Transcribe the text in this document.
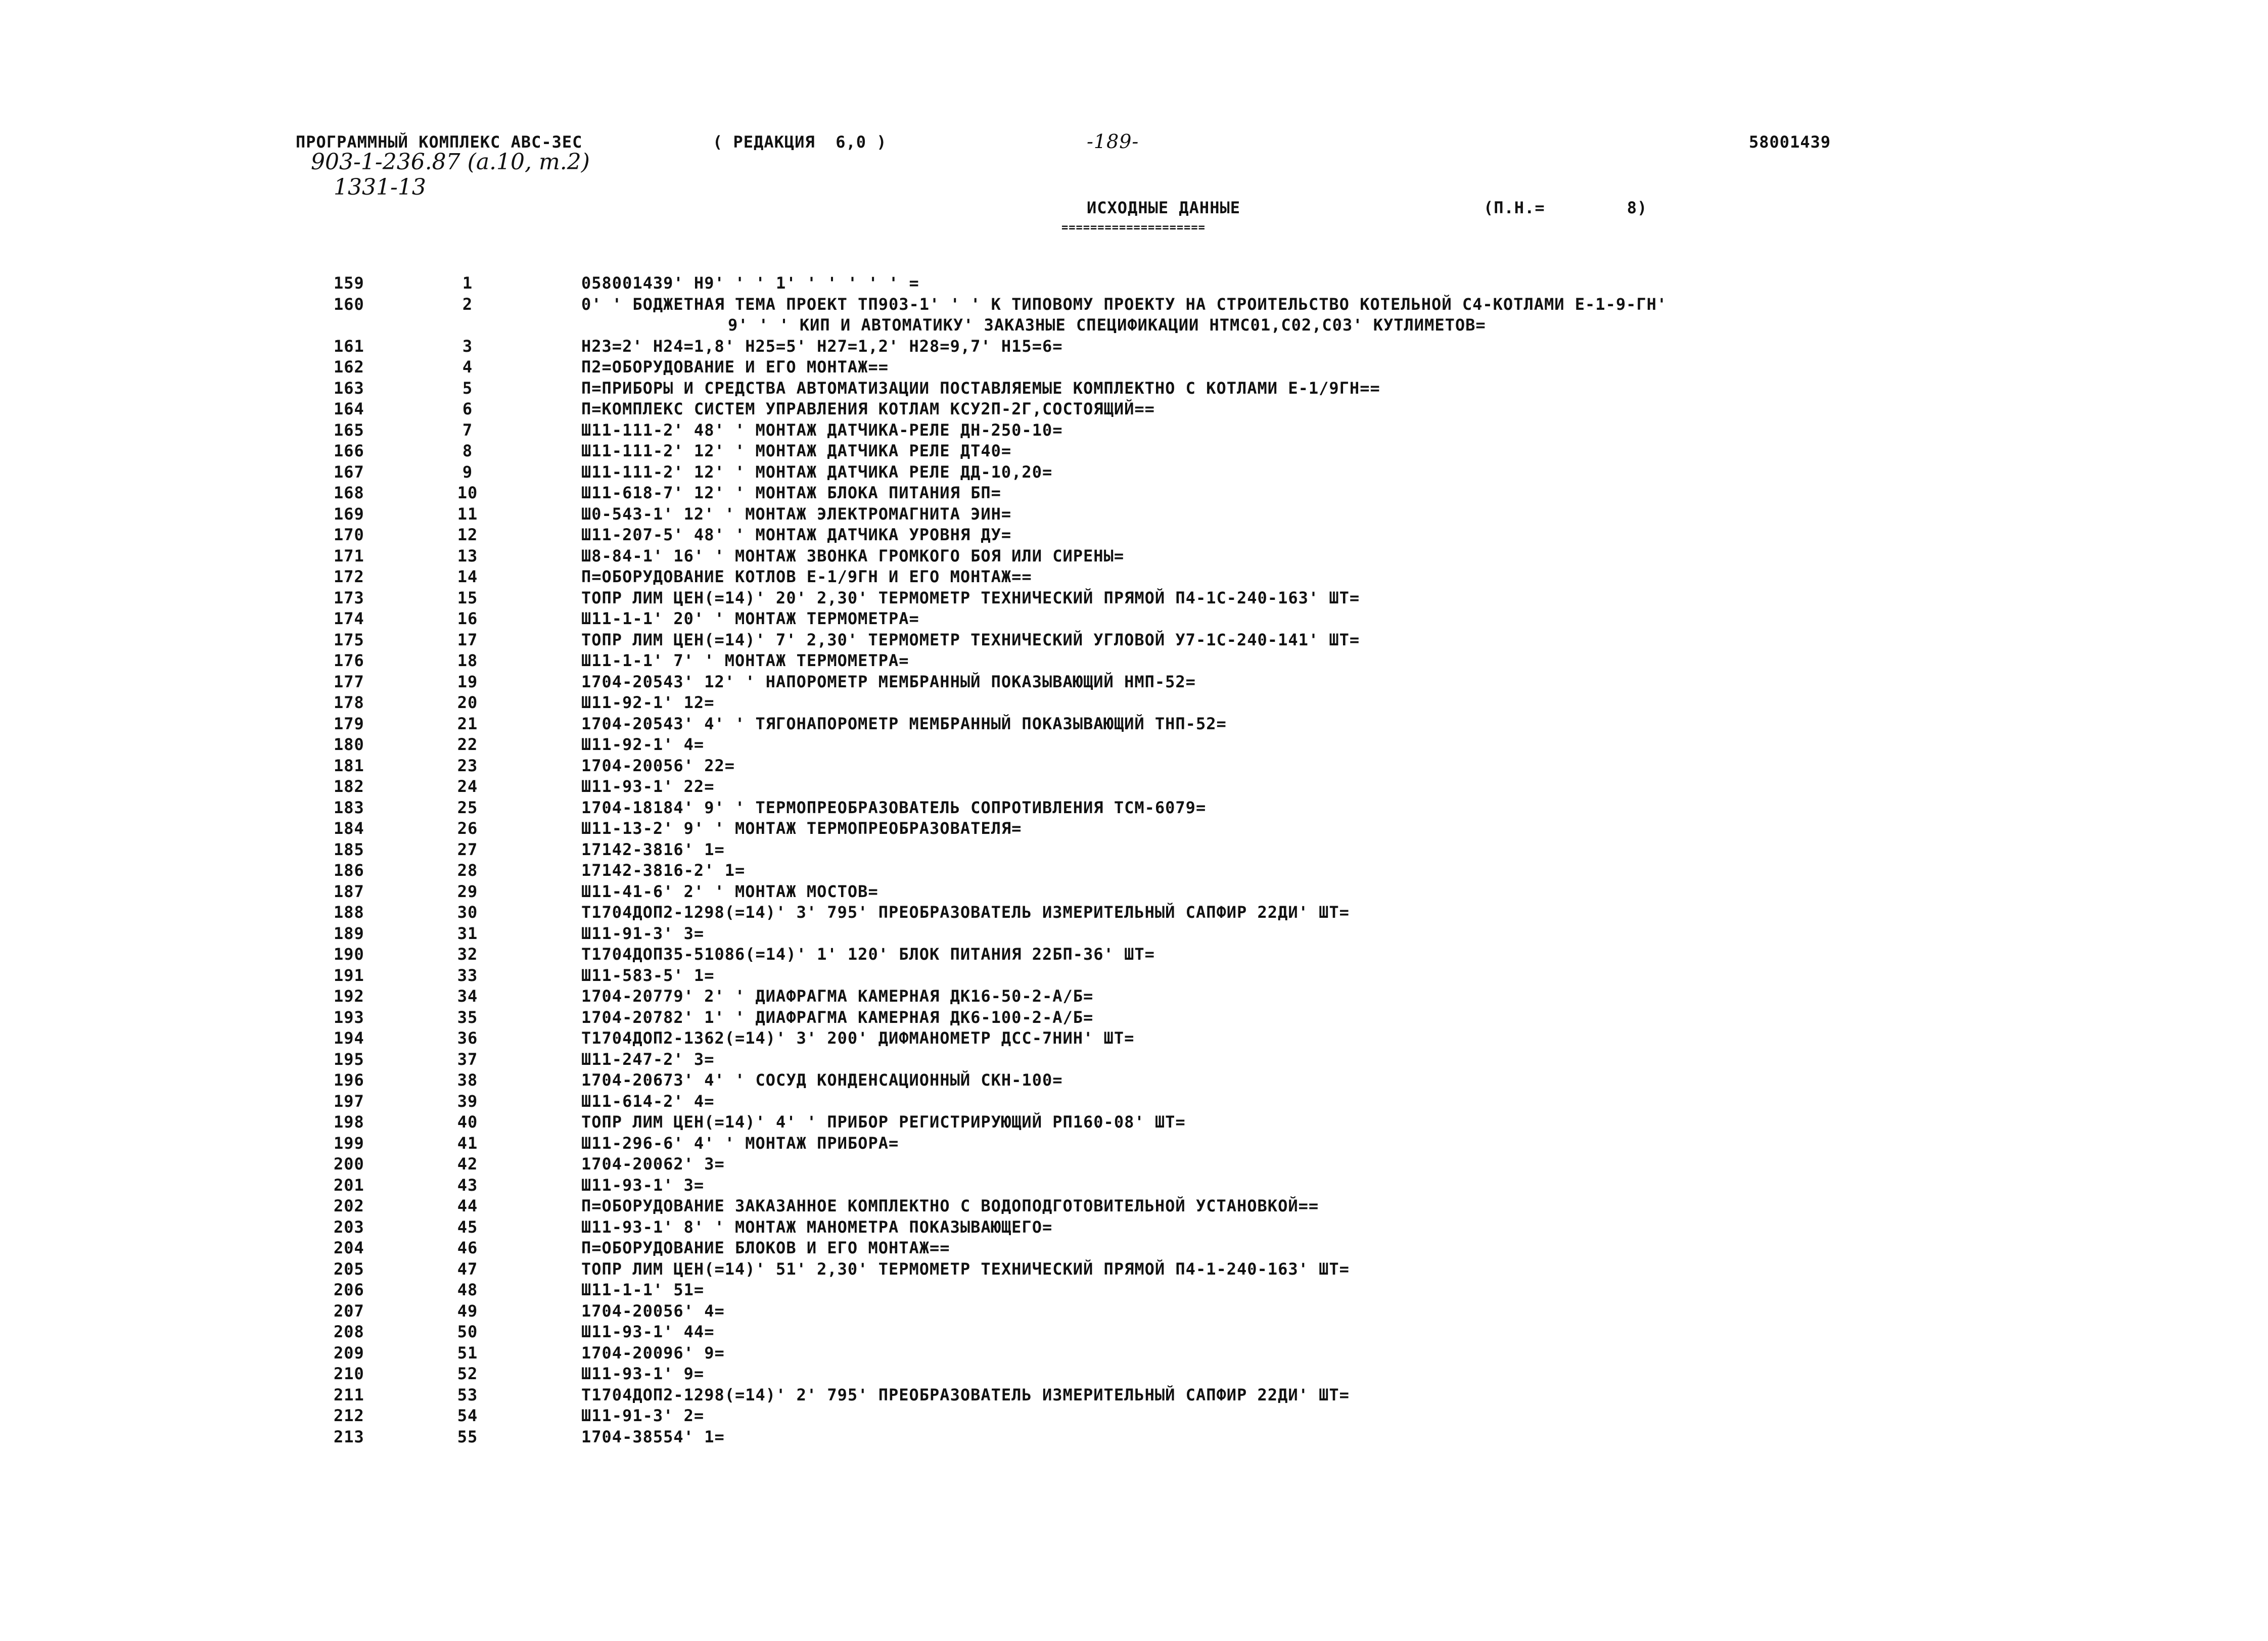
ПРОГРАММНЫЙ КОМПЛЕКС АВС-3ЕС	( РЕДАКЦИЯ  6,0 )	-189-	58001439
903-1-236.87 (а.10, т.2)
1331-13
ИСХОДНЫЕ ДАННЫЕ
====================
(П.Н.=        8)
159	1	058001439' Н9' ' ' 1' ' ' ' ' ' =
160	2	0' ' БОДЖЕТНАЯ ТЕМА ПРОЕКТ ТП903-1' ' ' К ТИПОВОМУ ПРОЕКТУ НА СТРОИТЕЛЬСТВО КОТЕЛЬНОЙ С4-КОТЛАМИ Е-1-9-ГН'
9' ' ' КИП И АВТОМАТИКУ' ЗАКАЗНЫЕ СПЕЦИФИКАЦИИ НТМС01,С02,С03' КУТЛИМЕТОВ=
161	3	Н23=2' Н24=1,8' Н25=5' Н27=1,2' Н28=9,7' Н15=6=
162	4	П2=ОБОРУДОВАНИЕ И ЕГО МОНТАЖ==
163	5	П=ПРИБОРЫ И СРЕДСТВА АВТОМАТИЗАЦИИ ПОСТАВЛЯЕМЫЕ КОМПЛЕКТНО С КОТЛАМИ Е-1/9ГН==
164	6	П=КОМПЛЕКС СИСТЕМ УПРАВЛЕНИЯ КОТЛАМ КСУ2П-2Г,СОСТОЯЩИЙ==
165	7	Ш11-111-2' 48' ' МОНТАЖ ДАТЧИКА-РЕЛЕ ДН-250-10=
166	8	Ш11-111-2' 12' ' МОНТАЖ ДАТЧИКА РЕЛЕ ДТ40=
167	9	Ш11-111-2' 12' ' МОНТАЖ ДАТЧИКА РЕЛЕ ДД-10,20=
168	10	Ш11-618-7' 12' ' МОНТАЖ БЛОКА ПИТАНИЯ БП=
169	11	Ш0-543-1' 12' ' МОНТАЖ ЭЛЕКТРОМАГНИТА ЭИН=
170	12	Ш11-207-5' 48' ' МОНТАЖ ДАТЧИКА УРОВНЯ ДУ=
171	13	Ш8-84-1' 16' ' МОНТАЖ ЗВОНКА ГРОМКОГО БОЯ ИЛИ СИРЕНЫ=
172	14	П=ОБОРУДОВАНИЕ КОТЛОВ Е-1/9ГН И ЕГО МОНТАЖ==
173	15	ТОПР ЛИМ ЦЕН(=14)' 20' 2,30' ТЕРМОМЕТР ТЕХНИЧЕСКИЙ ПРЯМОЙ П4-1С-240-163' ШТ=
174	16	Ш11-1-1' 20' ' МОНТАЖ ТЕРМОМЕТРА=
175	17	ТОПР ЛИМ ЦЕН(=14)' 7' 2,30' ТЕРМОМЕТР ТЕХНИЧЕСКИЙ УГЛОВОЙ У7-1С-240-141' ШТ=
176	18	Ш11-1-1' 7' ' МОНТАЖ ТЕРМОМЕТРА=
177	19	1704-20543' 12' ' НАПОРОМЕТР МЕМБРАННЫЙ ПОКАЗЫВАЮЩИЙ НМП-52=
178	20	Ш11-92-1' 12=
179	21	1704-20543' 4' ' ТЯГОНАПОРОМЕТР МЕМБРАННЫЙ ПОКАЗЫВАЮЩИЙ ТНП-52=
180	22	Ш11-92-1' 4=
181	23	1704-20056' 22=
182	24	Ш11-93-1' 22=
183	25	1704-18184' 9' ' ТЕРМОПРЕОБРАЗОВАТЕЛЬ СОПРОТИВЛЕНИЯ ТСМ-6079=
184	26	Ш11-13-2' 9' ' МОНТАЖ ТЕРМОПРЕОБРАЗОВАТЕЛЯ=
185	27	17142-3816' 1=
186	28	17142-3816-2' 1=
187	29	Ш11-41-6' 2' ' МОНТАЖ МОСТОВ=
188	30	Т1704ДОП2-1298(=14)' 3' 795' ПРЕОБРАЗОВАТЕЛЬ ИЗМЕРИТЕЛЬНЫЙ САПФИР 22ДИ' ШТ=
189	31	Ш11-91-3' 3=
190	32	Т1704ДОП35-51086(=14)' 1' 120' БЛОК ПИТАНИЯ 22БП-36' ШТ=
191	33	Ш11-583-5' 1=
192	34	1704-20779' 2' ' ДИАФРАГМА КАМЕРНАЯ ДК16-50-2-А/Б=
193	35	1704-20782' 1' ' ДИАФРАГМА КАМЕРНАЯ ДК6-100-2-А/Б=
194	36	Т1704ДОП2-1362(=14)' 3' 200' ДИФМАНОМЕТР ДСС-7НИН' ШТ=
195	37	Ш11-247-2' 3=
196	38	1704-20673' 4' ' СОСУД КОНДЕНСАЦИОННЫЙ СКН-100=
197	39	Ш11-614-2' 4=
198	40	ТОПР ЛИМ ЦЕН(=14)' 4' ' ПРИБОР РЕГИСТРИРУЮЩИЙ РП160-08' ШТ=
199	41	Ш11-296-6' 4' ' МОНТАЖ ПРИБОРА=
200	42	1704-20062' 3=
201	43	Ш11-93-1' 3=
202	44	П=ОБОРУДОВАНИЕ ЗАКАЗАННОЕ КОМПЛЕКТНО С ВОДОПОДГОТОВИТЕЛЬНОЙ УСТАНОВКОЙ==
203	45	Ш11-93-1' 8' ' МОНТАЖ МАНОМЕТРА ПОКАЗЫВАЮЩЕГО=
204	46	П=ОБОРУДОВАНИЕ БЛОКОВ И ЕГО МОНТАЖ==
205	47	ТОПР ЛИМ ЦЕН(=14)' 51' 2,30' ТЕРМОМЕТР ТЕХНИЧЕСКИЙ ПРЯМОЙ П4-1-240-163' ШТ=
206	48	Ш11-1-1' 51=
207	49	1704-20056' 4=
208	50	Ш11-93-1' 44=
209	51	1704-20096' 9=
210	52	Ш11-93-1' 9=
211	53	Т1704ДОП2-1298(=14)' 2' 795' ПРЕОБРАЗОВАТЕЛЬ ИЗМЕРИТЕЛЬНЫЙ САПФИР 22ДИ' ШТ=
212	54	Ш11-91-3' 2=
213	55	1704-38554' 1=
